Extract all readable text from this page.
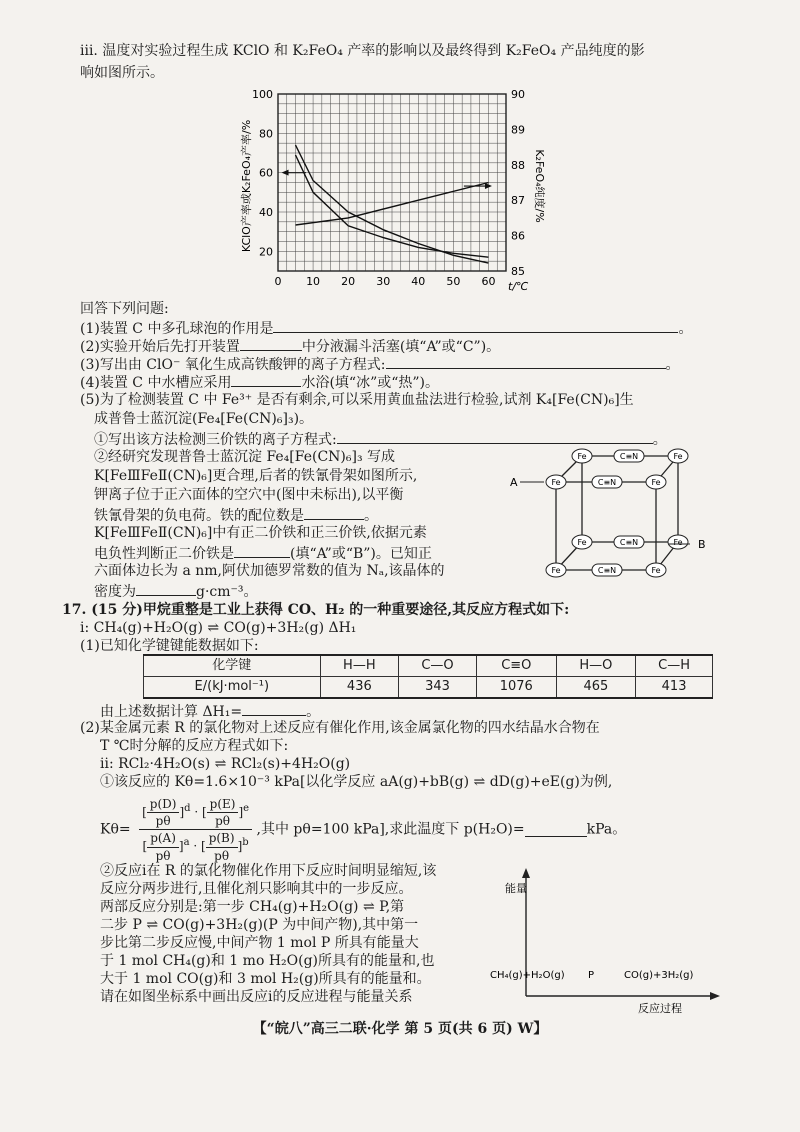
ⅲ. 温度对实验过程生成 KClO 和 K₂FeO₄ 产率的影响以及最终得到 K₂FeO₄ 产品纯度的影
响如图所示。
0 10 20 30 40 50 60
20
40
60
80
100
85
86
87
88
89
90
KClO产率或K₂FeO₄产率/%	K₂FeO₄纯度/%
t/℃
回答下列问题:
(1)装置 C 中多孔球泡的作用是	。
(2)实验开始后先打开装置	中分液漏斗活塞(填“A”或“C”)。
(3)写出由 ClO⁻ 氧化生成高铁酸钾的离子方程式:	。
(4)装置 C 中水槽应采用	水浴(填“冰”或“热”)。
(5)为了检测装置 C 中 Fe³⁺ 是否有剩余,可以采用黄血盐法进行检验,试剂 K₄[Fe(CN)₆]生
成普鲁士蓝沉淀(Fe₄[Fe(CN)₆]₃)。
①写出该方法检测三价铁的离子方程式:	。
②经研究发现普鲁士蓝沉淀 Fe₄[Fe(CN)₆]₃ 写成
K[FeⅢFeⅡ(CN)₆]更合理,后者的铁氰骨架如图所示,
钾离子位于正六面体的空穴中(图中未标出),以平衡
铁氰骨架的负电荷。铁的配位数是	。
K[FeⅢFeⅡ(CN)₆]中有正二价铁和正三价铁,依据元素
电负性判断正二价铁是	(填“A”或“B”)。已知正
六面体边长为 a nm,阿伏加德罗常数的值为 Nₐ,该晶体的
密度为	g·cm⁻³。
Fe	Fe
Fe	Fe
Fe	Fe
Fe	Fe
C≡N
C≡N
C≡N
C≡N
A
B
17. (15 分)甲烷重整是工业上获得 CO、H₂ 的一种重要途径,其反应方程式如下:
ⅰ: CH₄(g)+H₂O(g) ⇌ CO(g)+3H₂(g) ΔH₁
(1)已知化学键键能数据如下:
化学键	H—H	C—O	C≡O	H—O	C—H
E/(kJ·mol⁻¹)	436	343	1076	465	413
由上述数据计算 ΔH₁=	。
(2)某金属元素 R 的氯化物对上述反应有催化作用,该金属氯化物的四水结晶水合物在
T ℃时分解的反应方程式如下:
ⅱ: RCl₂·4H₂O(s) ⇌ RCl₂(s)+4H₂O(g)
①该反应的 Kθ=1.6×10⁻³ kPa[以化学反应 aA(g)+bB(g) ⇌ dD(g)+eE(g)为例,
$K\theta= \frac{[ \frac{p(D)}{p\theta} ]^d \cdot [ \frac{p(E)}{p\theta} ]^e}{[ \frac{p(A)}{p\theta} ]^a \cdot [ \frac{p(B)}{p\theta} ]^b}$ ,其中 pθ=100 kPa],求此温度下 p(H₂O)=	kPa。
②反应ⅰ在 R 的氯化物催化作用下反应时间明显缩短,该
反应分两步进行,且催化剂只影响其中的一步反应。
两部反应分别是:第一步 CH₄(g)+H₂O(g) ⇌ P,第
二步 P ⇌ CO(g)+3H₂(g)(P 为中间产物),其中第一
步比第二步反应慢,中间产物 1 mol P 所具有能量大
于 1 mol CH₄(g)和 1 mo H₂O(g)所具有的能量和,也
大于 1 mol CO(g)和 3 mol H₂(g)所具有的能量和。
请在如图坐标系中画出反应ⅰ的反应进程与能量关系
能量
CH₄(g)+H₂O(g) P	CO(g)+3H₂(g)
反应过程
【“皖八”高三二联·化学 第 5 页(共 6 页) W】
